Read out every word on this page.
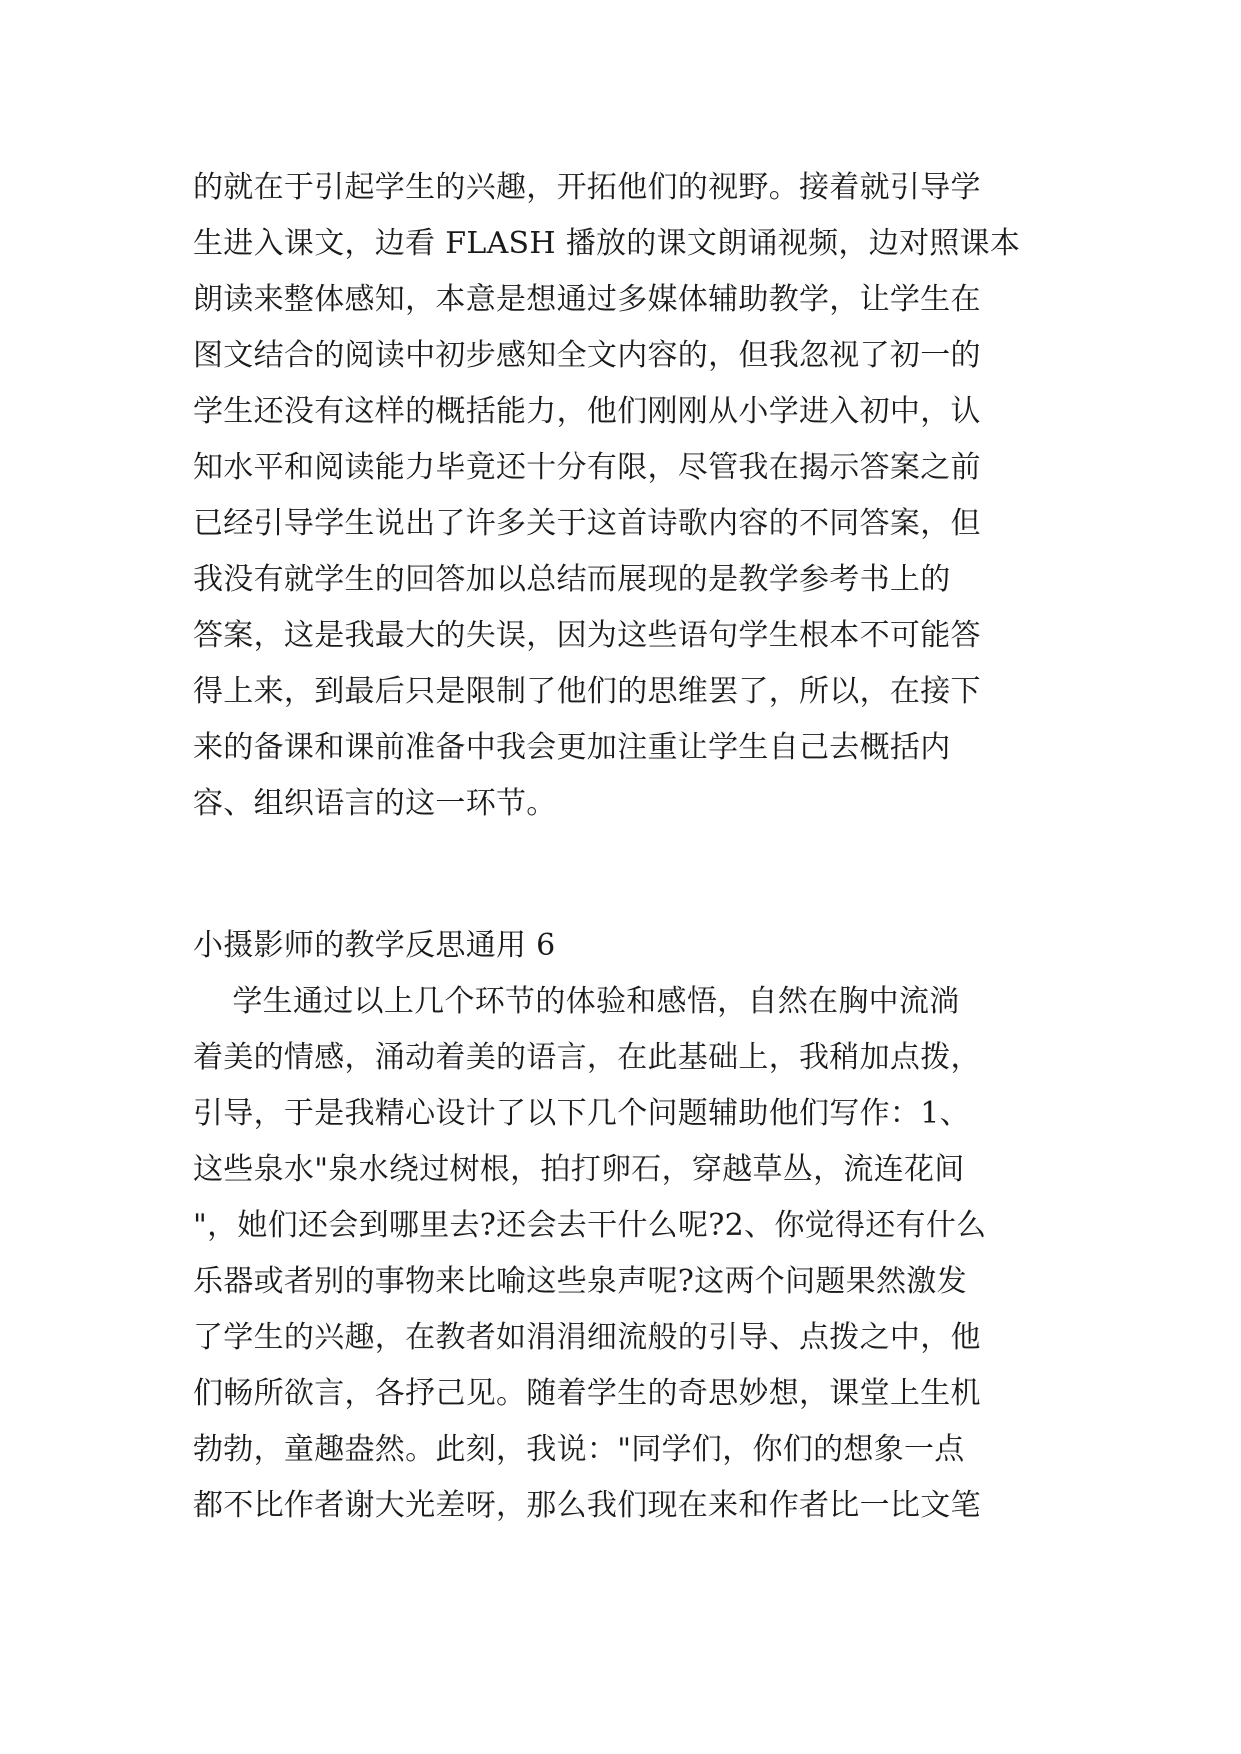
的就在于引起学生的兴趣，开拓他们的视野。接着就引导学
生进入课文，边看 FLASH 播放的课文朗诵视频，边对照课本
朗读来整体感知，本意是想通过多媒体辅助教学，让学生在
图文结合的阅读中初步感知全文内容的，但我忽视了初一的
学生还没有这样的概括能力，他们刚刚从小学进入初中，认
知水平和阅读能力毕竟还十分有限，尽管我在揭示答案之前
已经引导学生说出了许多关于这首诗歌内容的不同答案，但
我没有就学生的回答加以总结而展现的是教学参考书上的
答案，这是我最大的失误，因为这些语句学生根本不可能答
得上来，到最后只是限制了他们的思维罢了，所以，在接下
来的备课和课前准备中我会更加注重让学生自己去概括内
容、组织语言的这一环节。
小摄影师的教学反思通用 6
学生通过以上几个环节的体验和感悟，自然在胸中流淌
着美的情感，涌动着美的语言，在此基础上，我稍加点拨，
引导，于是我精心设计了以下几个问题辅助他们写作：1、
这些泉水"泉水绕过树根，拍打卵石，穿越草丛，流连花间
"，她们还会到哪里去?还会去干什么呢?2、你觉得还有什么
乐器或者别的事物来比喻这些泉声呢?这两个问题果然激发
了学生的兴趣，在教者如涓涓细流般的引导、点拨之中，他
们畅所欲言，各抒己见。随着学生的奇思妙想，课堂上生机
勃勃，童趣盎然。此刻，我说："同学们，你们的想象一点
都不比作者谢大光差呀，那么我们现在来和作者比一比文笔
